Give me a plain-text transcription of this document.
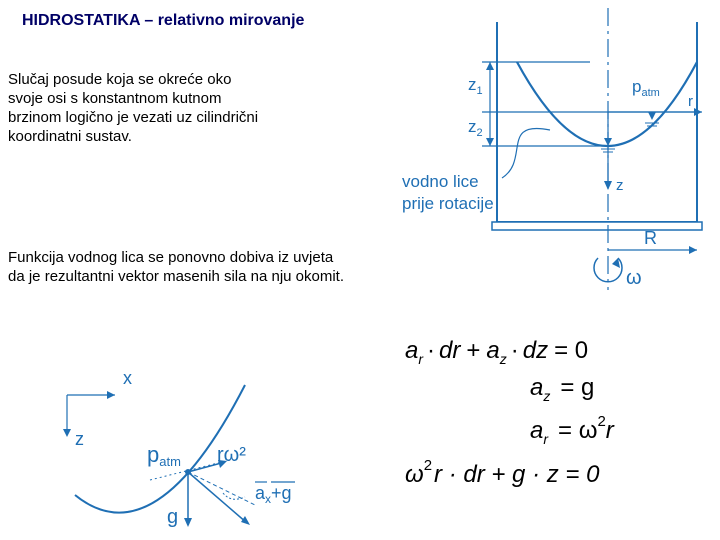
HIDROSTATIKA – relativno mirovanje
Slučaj posude koja se okreće oko svoje osi s konstantnom kutnom brzinom logično je vezati uz cilindrični koordinatni sustav.
Funkcija vodnog lica se ponovno dobiva iz uvjeta da je rezultantni vektor masenih sila na nju okomit.
$z_1$
$z_2$
$p_{atm}$ r
z
vodno lice
prije rotacije
R
ω
x
z
patm rω²
$a_x+g$
g
$a_r$ · dr + $a_z$ · dz = 0
$a_z = g$
$a_r = \omega^2r$
$\omega^2r$ · dr + g · z = 0
